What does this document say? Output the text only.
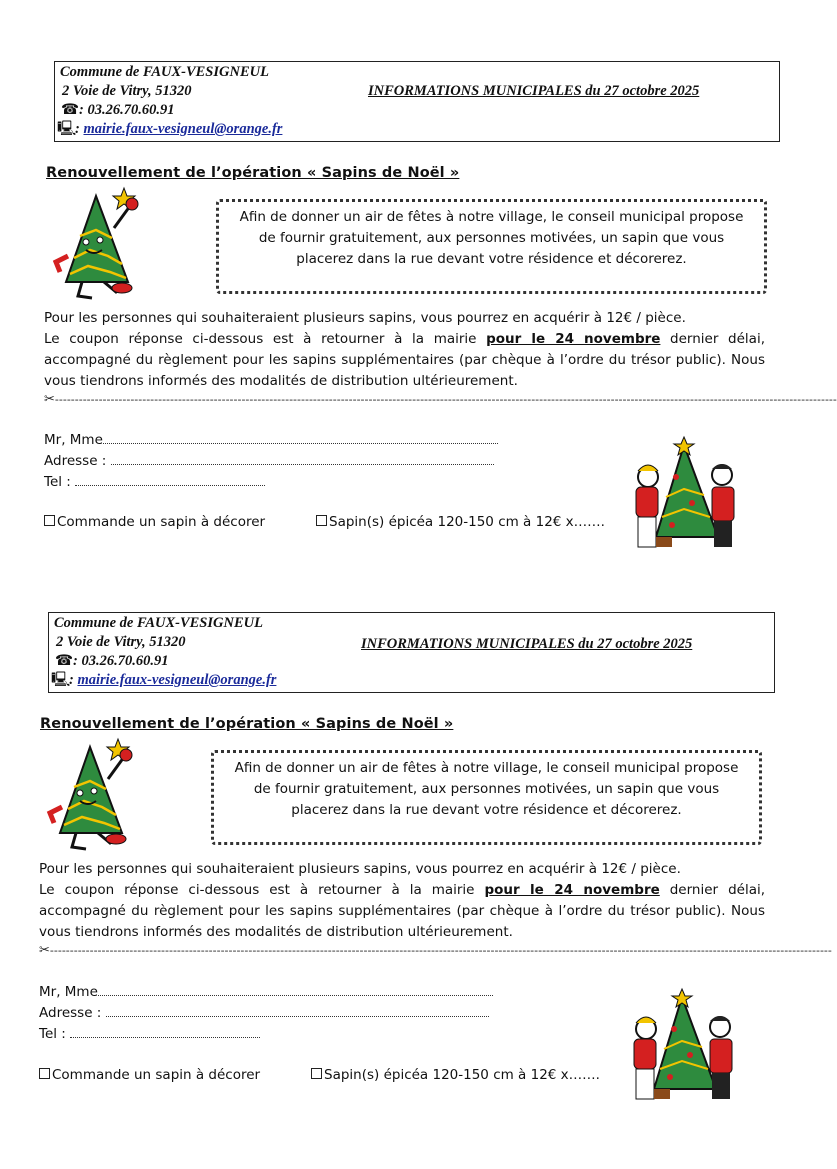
Commune de FAUX-VESIGNEUL
2 Voie de Vitry, 51320
☎: 03.26.70.60.91
🖳: mairie.faux-vesigneul@orange.fr
INFORMATIONS MUNICIPALES du 27 octobre 2025
Renouvellement de l’opération « Sapins de Noël »
Afin de donner un air de fêtes à notre village, le conseil municipal propose
de fournir gratuitement, aux personnes motivées, un sapin que vous
placerez dans la rue devant votre résidence et décorerez.
Pour les personnes qui souhaiteraient plusieurs sapins, vous pourrez en acquérir à 12€ / pièce.
Le coupon réponse ci-dessous est à retourner à la mairie pour le 24 novembre dernier délai, accompagné du règlement pour les sapins supplémentaires (par chèque à l’ordre du trésor public). Nous vous tiendrons informés des modalités de distribution ultérieurement.
✂-----------------------------------------------------------------------------------------------------------------------------------------------------------------------------------------------------
Mr, Mme
Adresse :
Tel :
Commande un sapin à décorer	Sapin(s) épicéa 120-150 cm à 12€ x…….
Commune de FAUX-VESIGNEUL
2 Voie de Vitry, 51320
☎: 03.26.70.60.91
🖳: mairie.faux-vesigneul@orange.fr
INFORMATIONS MUNICIPALES du 27 octobre 2025
Renouvellement de l’opération « Sapins de Noël »
Afin de donner un air de fêtes à notre village, le conseil municipal propose
de fournir gratuitement, aux personnes motivées, un sapin que vous
placerez dans la rue devant votre résidence et décorerez.
Pour les personnes qui souhaiteraient plusieurs sapins, vous pourrez en acquérir à 12€ / pièce.
Le coupon réponse ci-dessous est à retourner à la mairie pour le 24 novembre dernier délai, accompagné du règlement pour les sapins supplémentaires (par chèque à l’ordre du trésor public). Nous vous tiendrons informés des modalités de distribution ultérieurement.
✂-----------------------------------------------------------------------------------------------------------------------------------------------------------------------------------------------------
Mr, Mme
Adresse :
Tel :
Commande un sapin à décorer	Sapin(s) épicéa 120-150 cm à 12€ x…….
